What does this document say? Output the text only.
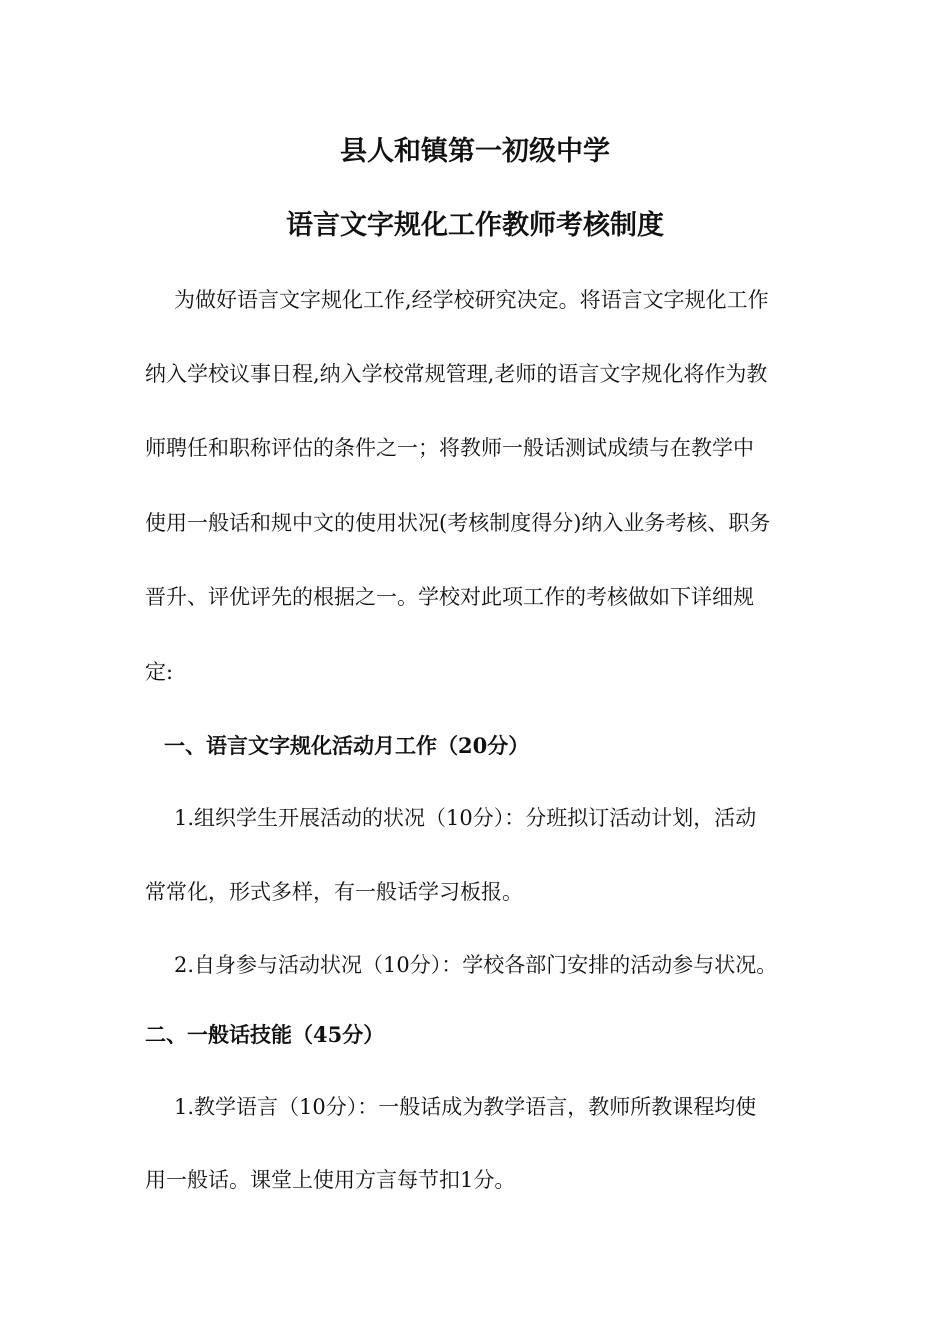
县人和镇第一初级中学
语言文字规化工作教师考核制度
为做好语言文字规化工作,经学校研究决定。将语言文字规化工作
纳入学校议事日程,纳入学校常规管理,老师的语言文字规化将作为教
师聘任和职称评估的条件之一；将教师一般话测试成绩与在教学中
使用一般话和规中文的使用状况(考核制度得分)纳入业务考核、职务
晋升、评优评先的根据之一。学校对此项工作的考核做如下详细规
定:
一、语言文字规化活动月工作（20分）
1.组织学生开展活动的状况（10分）：分班拟订活动计划，活动
常常化，形式多样，有一般话学习板报。
2.自身参与活动状况（10分）：学校各部门安排的活动参与状况。
二、一般话技能（45分）
1.教学语言（10分）：一般话成为教学语言，教师所教课程均使
用一般话。课堂上使用方言每节扣1分。
